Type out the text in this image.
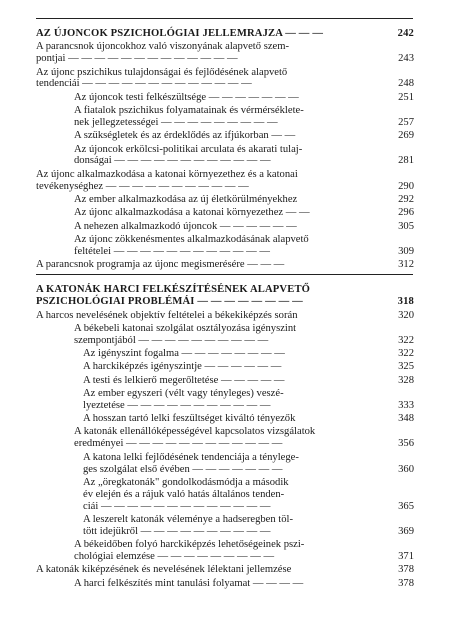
AZ ÚJONCOK PSZICHOLÓGIAI JELLEMRAJZA — — —	242
A parancsnok újoncokhoz való viszonyának alapvető szem-
pontjai — — — — — — — — — — — — —	243
Az újonc pszichikus tulajdonságai és fejlődésének alapvető
tendenciái — — — — — — — — — — — — —	248
Az újoncok testi felkészültsége — — — — — — —	251
A fiatalok pszichikus folyamatainak és vérmérséklete-
nek jellegzetességei — — — — — — — — —	257
A szükségletek és az érdeklődés az ifjúkorban — —	269
Az újoncok erkölcsi-politikai arculata és akarati tulaj-
donságai — — — — — — — — — — — —	281
Az újonc alkalmazkodása a katonai környezethez és a katonai
tevékenységhez — — — — — — — — — — —	290
Az ember alkalmazkodása az új életkörülményekhez	292
Az újonc alkalmazkodása a katonai környezethez — —	296
A nehezen alkalmazkodó újoncok — — — — — —	305
Az újonc zökkenésmentes alkalmazkodásának alapvető
feltételei — — — — — — — — — — — —	309
A parancsnok programja az újonc megismerésére — — —	312
A KATONÁK HARCI FELKÉSZÍTÉSÉNEK ALAPVETŐ
PSZICHOLÓGIAI PROBLÉMÁI — — — — — — — —	318
A harcos nevelésének objektív feltételei a békekiképzés során	320
A békebeli katonai szolgálat osztályozása igényszint
szempontjából — — — — — — — — — —	322
Az igényszint fogalma — — — — — — — —	322
A harckiképzés igényszintje — — — — — —	325
A testi és lelkierő megerőltetése — — — — —	328
Az ember egyszeri (vélt vagy tényleges) veszé-
lyeztetése — — — — — — — — — — —	333
A hosszan tartó lelki feszültséget kiváltó tényezők	348
A katonák ellenállóképességével kapcsolatos vizsgálatok
eredményei — — — — — — — — — — — —	356
A katona lelki fejlődésének tendenciája a ténylege-
ges szolgálat első évében — — — — — — —	360
Az „öregkatonák" gondolkodásmódja a második
év elején és a rájuk való hatás általános tenden-
ciái — — — — — — — — — — — — —	365
A leszerelt katonák véleménye a hadseregben töl-
tött idejükről — — — — — — — — — —	369
A békeidőben folyó harckiképzés lehetőségeinek pszi-
chológiai elemzése — — — — — — — — —	371
A katonák kiképzésének és nevelésének lélektani jellemzése	378
A harci felkészítés mint tanulási folyamat — — — —	378
